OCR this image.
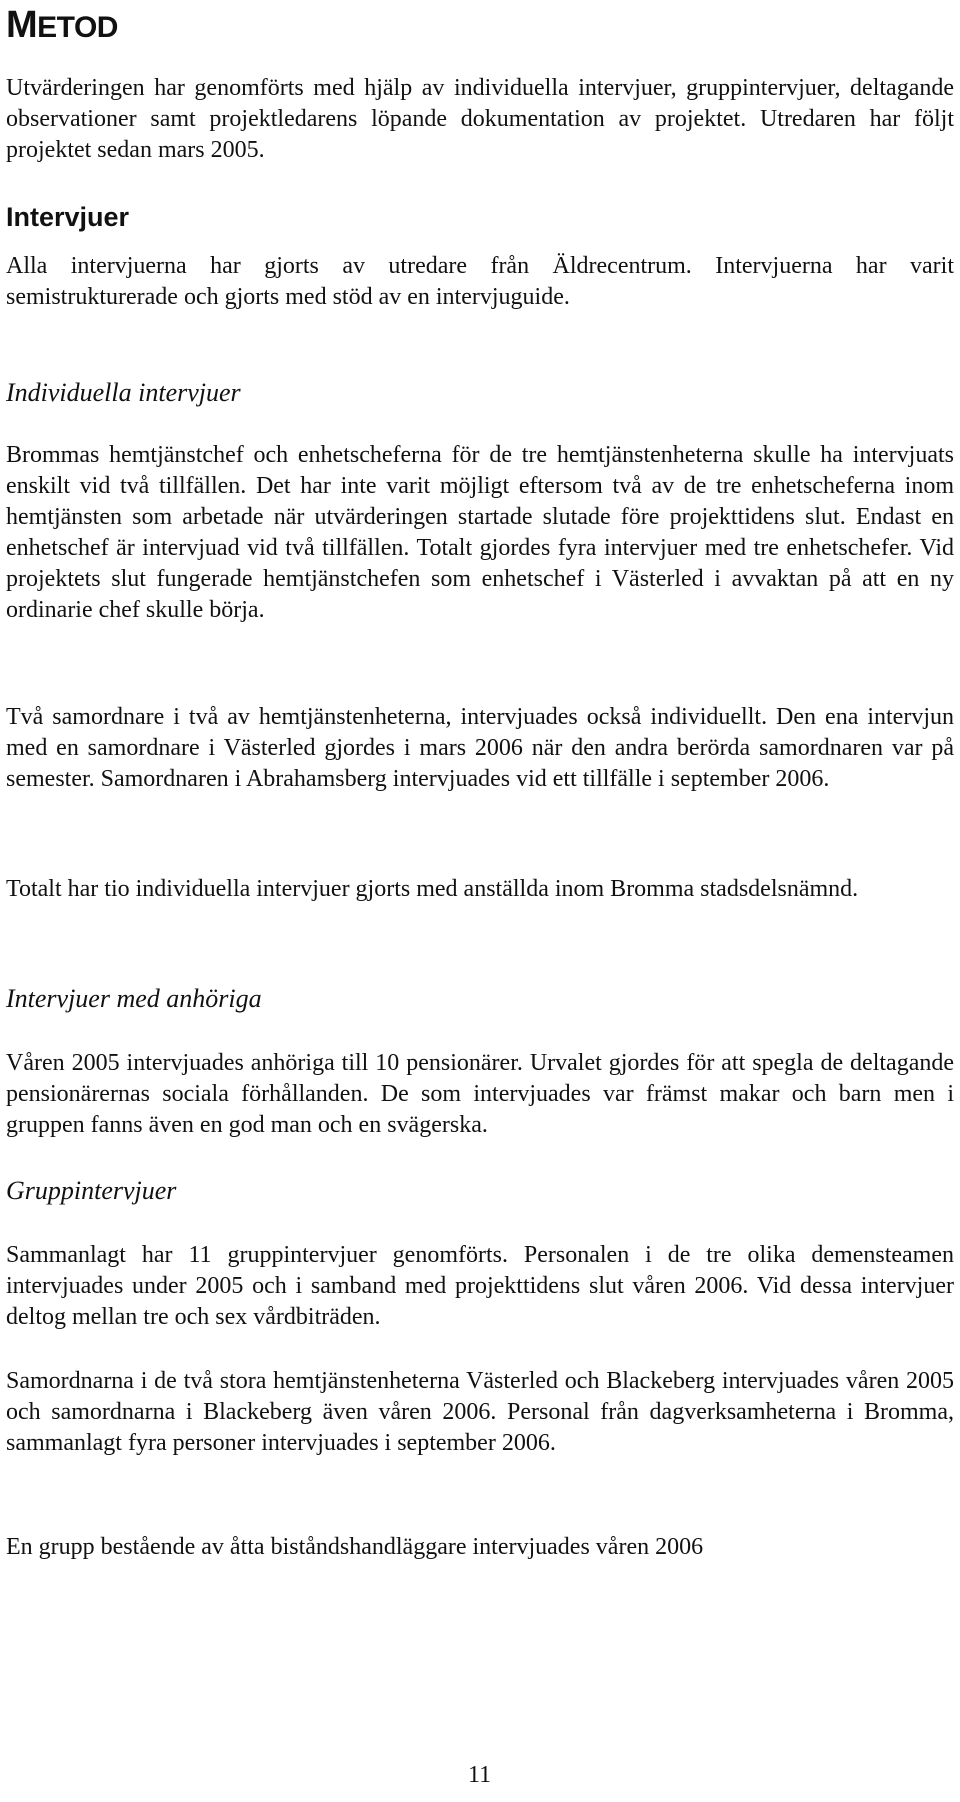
METOD

Utvärderingen har genomförts med hjälp av individuella intervjuer, gruppintervjuer, deltagande observationer samt projektledarens löpande dokumentation av projektet. Utredaren har följt projektet sedan mars 2005.

Intervjuer

Alla intervjuerna har gjorts av utredare från Äldrecentrum. Intervjuerna har varit semistrukturerade och gjorts med stöd av en intervjuguide.

Individuella intervjuer

Brommas hemtjänstchef och enhetscheferna för de tre hemtjänstenheterna skulle ha intervjuats enskilt vid två tillfällen. Det har inte varit möjligt eftersom två av de tre enhetscheferna inom hemtjänsten som arbetade när utvärderingen startade slutade före projekttidens slut. Endast en enhetschef är intervjuad vid två tillfällen. Totalt gjordes fyra intervjuer med tre enhetschefer. Vid projektets slut fungerade hemtjänstchefen som enhetschef i Västerled i avvaktan på att en ny ordinarie chef skulle börja.

Två samordnare i två av hemtjänstenheterna, intervjuades också individuellt. Den ena intervjun med en samordnare i Västerled gjordes i mars 2006 när den andra berörda samordnaren var på semester. Samordnaren i Abrahamsberg intervjuades vid ett tillfälle i september 2006.

Totalt har tio individuella intervjuer gjorts med anställda inom Bromma stadsdelsnämnd.

Intervjuer med anhöriga

Våren 2005 intervjuades anhöriga till 10 pensionärer. Urvalet gjordes för att spegla de deltagande pensionärernas sociala förhållanden. De som intervjuades var främst makar och barn men i gruppen fanns även en god man och en svägerska.

Gruppintervjuer

Sammanlagt har 11 gruppintervjuer genomförts. Personalen i de tre olika demensteamen intervjuades under 2005 och i samband med projekttidens slut våren 2006. Vid dessa intervjuer deltog mellan tre och sex vårdbiträden.

Samordnarna i de två stora hemtjänstenheterna Västerled och Blackeberg intervjuades våren 2005 och samordnarna i Blackeberg även våren 2006. Personal från dagverksamheterna i Bromma, sammanlagt fyra personer intervjuades i september 2006.

En grupp bestående av åtta biståndshandläggare intervjuades våren 2006

11
